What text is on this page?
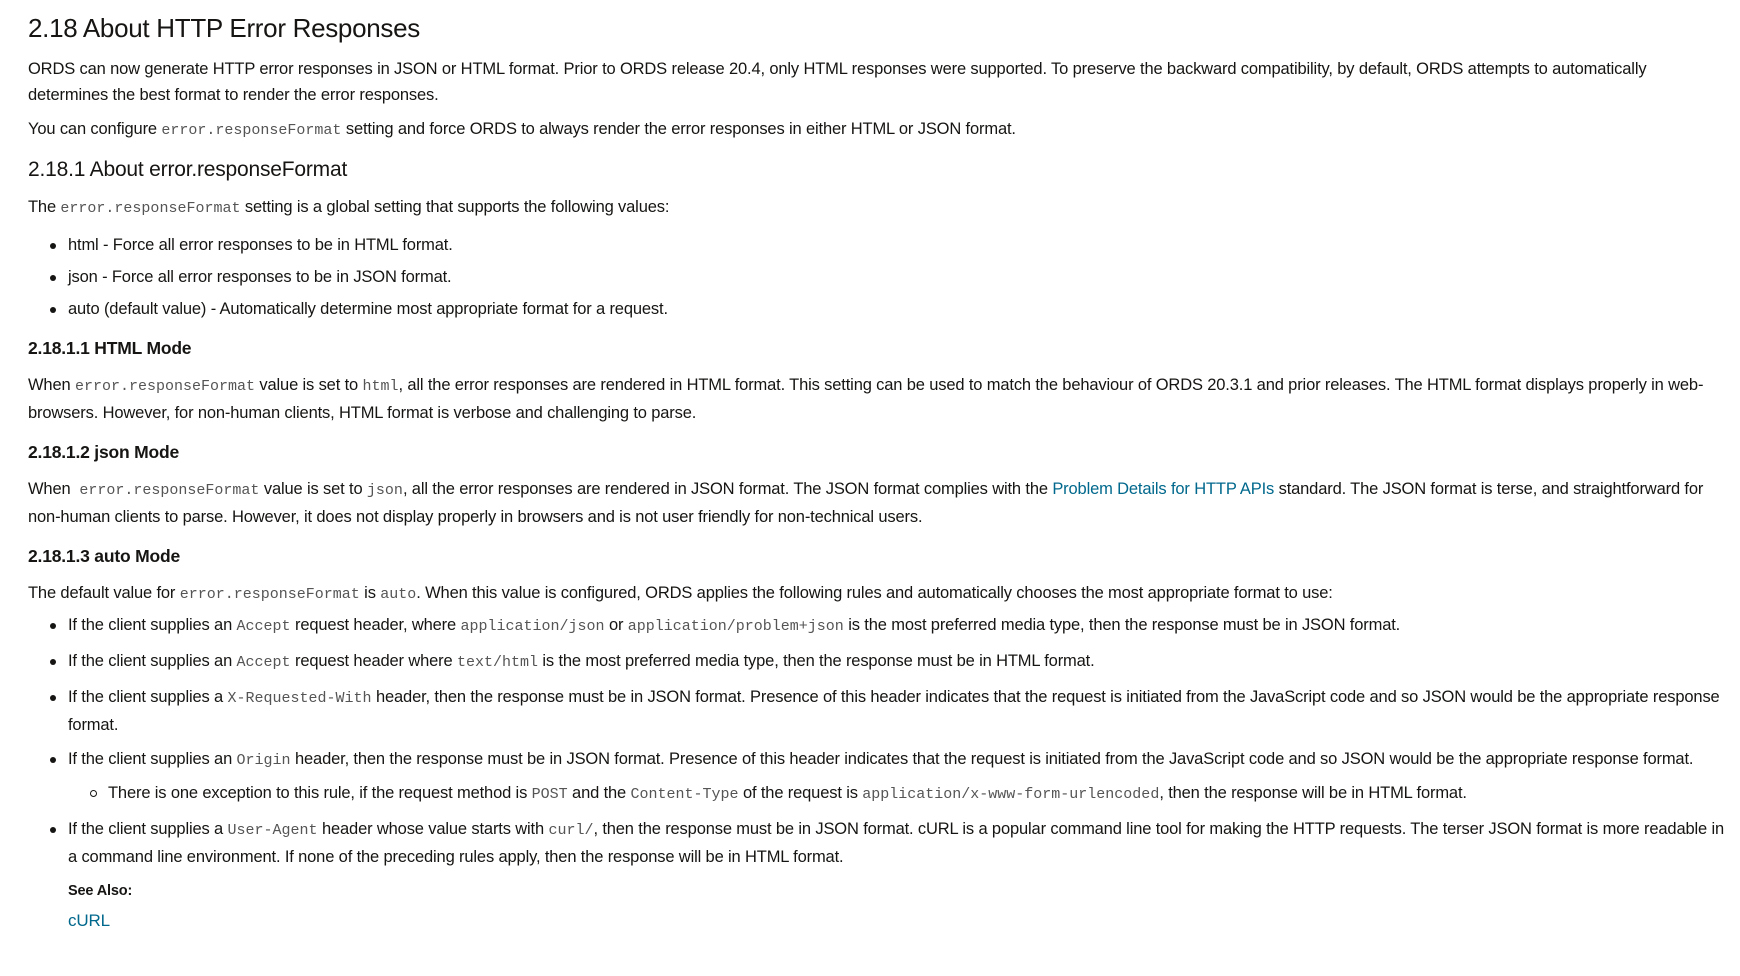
2.18 About HTTP Error Responses

ORDS can now generate HTTP error responses in JSON or HTML format. Prior to ORDS release 20.4, only HTML responses were supported. To preserve the backward compatibility, by default, ORDS attempts to automatically determines the best format to render the error responses.

You can configure error.responseFormat setting and force ORDS to always render the error responses in either HTML or JSON format.

2.18.1 About error.responseFormat

The error.responseFormat setting is a global setting that supports the following values:

html - Force all error responses to be in HTML format.
json - Force all error responses to be in JSON format.
auto (default value) - Automatically determine most appropriate format for a request.
2.18.1.1 HTML Mode

When error.responseFormat value is set to html, all the error responses are rendered in HTML format. This setting can be used to match the behaviour of ORDS 20.3.1 and prior releases. The HTML format displays properly in web-browsers. However, for non-human clients, HTML format is verbose and challenging to parse.

2.18.1.2 json Mode

When  error.responseFormat value is set to json, all the error responses are rendered in JSON format. The JSON format complies with the Problem Details for HTTP APIs standard. The JSON format is terse, and straightforward for non-human clients to parse. However, it does not display properly in browsers and is not user friendly for non-technical users.

2.18.1.3 auto Mode

The default value for error.responseFormat is auto. When this value is configured, ORDS applies the following rules and automatically chooses the most appropriate format to use:

If the client supplies an Accept request header, where application/json or application/problem+json is the most preferred media type, then the response must be in JSON format.
If the client supplies an Accept request header where text/html is the most preferred media type, then the response must be in HTML format.
If the client supplies a X-Requested-With header, then the response must be in JSON format. Presence of this header indicates that the request is initiated from the JavaScript code and so JSON would be the appropriate response format.
If the client supplies an Origin header, then the response must be in JSON format. Presence of this header indicates that the request is initiated from the JavaScript code and so JSON would be the appropriate response format.
There is one exception to this rule, if the request method is POST and the Content-Type of the request is application/x-www-form-urlencoded, then the response will be in HTML format.
If the client supplies a User-Agent header whose value starts with curl/, then the response must be in JSON format. cURL is a popular command line tool for making the HTTP requests. The terser JSON format is more readable in a command line environment. If none of the preceding rules apply, then the response will be in HTML format.
See Also:
cURL
